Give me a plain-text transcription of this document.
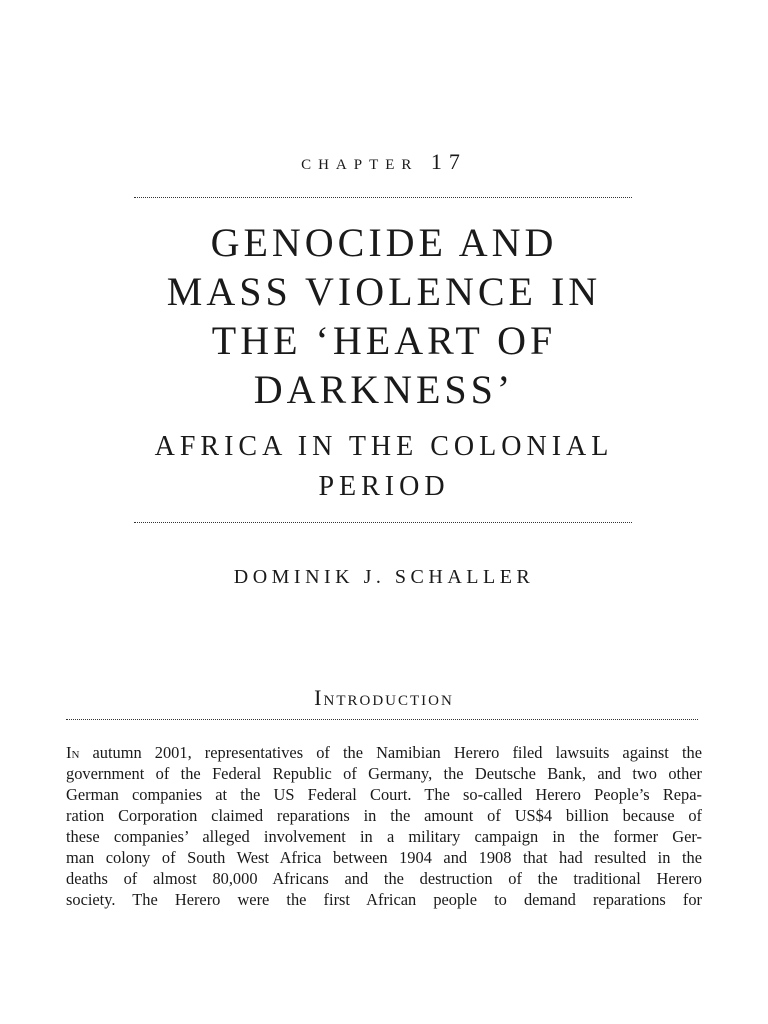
chapter 17
GENOCIDE AND
MASS VIOLENCE IN
THE ‘HEART OF
DARKNESS’
AFRICA IN THE COLONIAL
PERIOD
DOMINIK J. SCHALLER
Introduction
In autumn 2001, representatives of the Namibian Herero filed lawsuits against the
government of the Federal Republic of Germany, the Deutsche Bank, and two other
German companies at the US Federal Court. The so-called Herero People’s Repa-
ration Corporation claimed reparations in the amount of US$4 billion because of
these companies’ alleged involvement in a military campaign in the former Ger-
man colony of South West Africa between 1904 and 1908 that had resulted in the
deaths of almost 80,000 Africans and the destruction of the traditional Herero
society. The Herero were the first African people to demand reparations for
